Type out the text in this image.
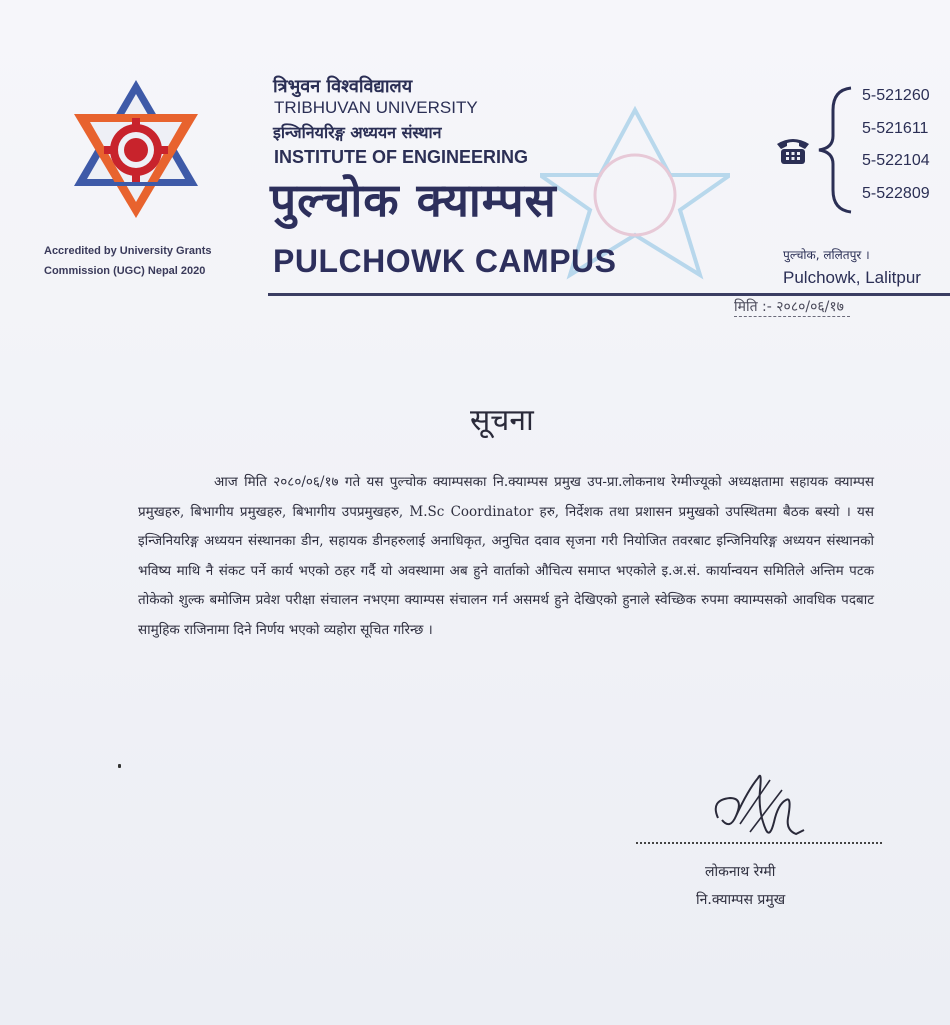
Accredited by University Grants
Commission (UGC) Nepal 2020
त्रिभुवन विश्वविद्यालय
TRIBHUVAN UNIVERSITY
इन्जिनियरिङ्ग अध्ययन संस्थान
INSTITUTE OF ENGINEERING
पुल्चोक क्याम्पस
PULCHOWK CAMPUS
5-521260
5-521611
5-522104
5-522809
पुल्चोक, ललितपुर ।
Pulchowk, Lalitpur
मिति :- २०८०/०६/१७
सूचना
आज मिति २०८०/०६/१७ गते यस पुल्चोक क्याम्पसका नि.क्याम्पस प्रमुख उप-प्रा.लोकनाथ रेग्मीज्यूको अध्यक्षतामा सहायक क्याम्पस प्रमुखहरु, बिभागीय प्रमुखहरु, बिभागीय उपप्रमुखहरु, M.Sc Coordinator हरु, निर्देशक तथा प्रशासन प्रमुखको उपस्थितमा बैठक बस्यो । यस इन्जिनियरिङ्ग अध्ययन संस्थानका डीन, सहायक डीनहरुलाई अनाधिकृत, अनुचित दवाव सृजना गरी नियोजित तवरबाट इन्जिनियरिङ्ग अध्ययन संस्थानको भविष्य माथि नै संकट पर्ने कार्य भएको ठहर गर्दै यो अवस्थामा अब हुने वार्ताको औचित्य समाप्त भएकोले इ.अ.सं. कार्यान्वयन समितिले अन्तिम पटक तोकेको शुल्क बमोजिम प्रवेश परीक्षा संचालन नभएमा क्याम्पस संचालन गर्न असमर्थ हुने देखिएको हुनाले स्वेच्छिक रुपमा क्याम्पसको आवधिक पदबाट सामुहिक राजिनामा दिने निर्णय भएको व्यहोरा सूचित गरिन्छ ।
लोकनाथ रेग्मी
नि.क्याम्पस प्रमुख
